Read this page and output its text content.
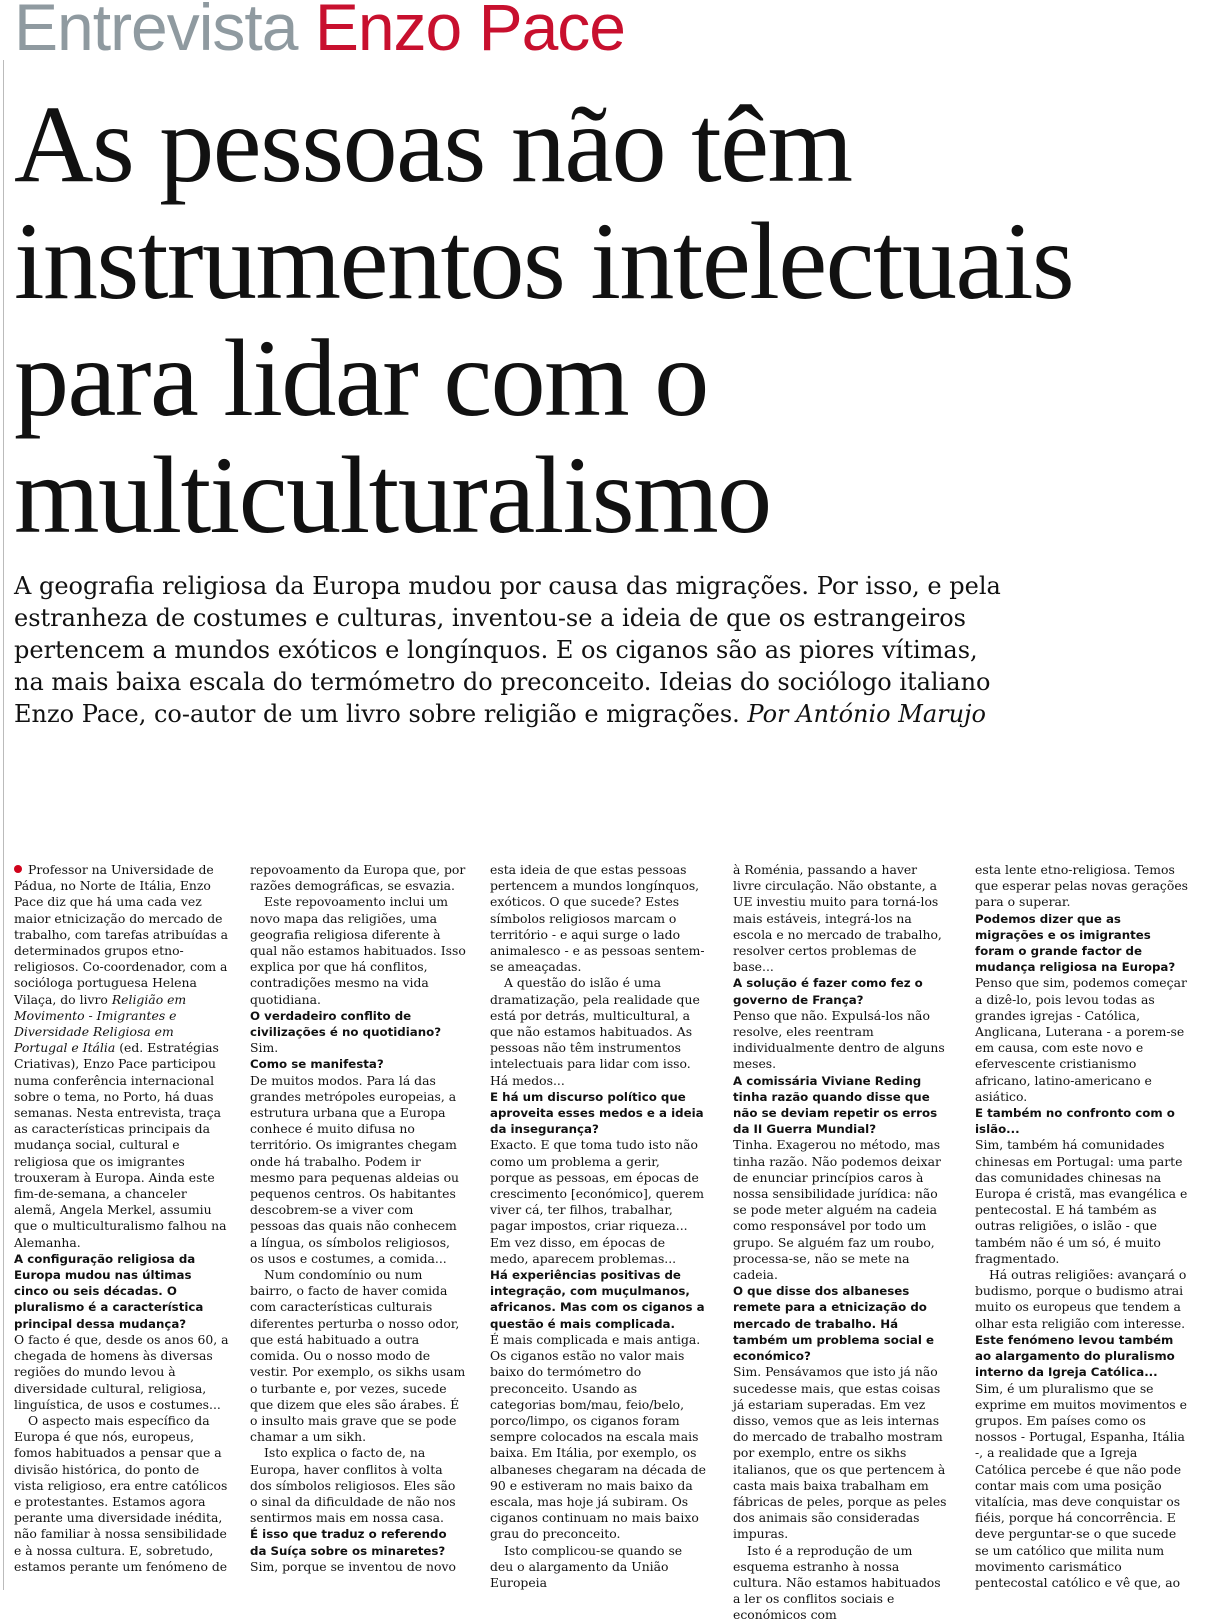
Entrevista Enzo Pace
As pessoas não têm
instrumentos intelectuais
para lidar com o
multiculturalismo
A geografia religiosa da Europa mudou por causa das migrações. Por isso, e pela
estranheza de costumes e culturas, inventou-se a ideia de que os estrangeiros
pertencem a mundos exóticos e longínquos. E os ciganos são as piores vítimas,
na mais baixa escala do termómetro do preconceito. Ideias do sociólogo italiano
Enzo Pace, co-autor de um livro sobre religião e migrações. Por António Marujo

Professor na Universidade de Pádua, no Norte de Itália, Enzo Pace diz que há uma cada vez maior etnicização do mercado de trabalho, com tarefas atribuídas a determinados grupos etno-religiosos. Co-coordenador, com a socióloga portuguesa Helena Vilaça, do livro Religião em Movimento - Imigrantes e Diversidade Religiosa em Portugal e Itália (ed. Estratégias Criativas), Enzo Pace participou numa conferência internacional sobre o tema, no Porto, há duas semanas. Nesta entrevista, traça as características principais da mudança social, cultural e religiosa que os imigrantes trouxeram à Europa. Ainda este fim-de-semana, a chanceler alemã, Angela Merkel, assumiu que o multiculturalismo falhou na Alemanha.

A configuração religiosa da Europa mudou nas últimas cinco ou seis décadas. O pluralismo é a característica principal dessa mudança?

O facto é que, desde os anos 60, a chegada de homens às diversas regiões do mundo levou à diversidade cultural, religiosa, linguística, de usos e costumes...

O aspecto mais específico da Europa é que nós, europeus, fomos habituados a pensar que a divisão histórica, do ponto de vista religioso, era entre católicos e protestantes. Estamos agora perante uma diversidade inédita, não familiar à nossa sensibilidade e à nossa cultura. E, sobretudo, estamos perante um fenómeno de

repovoamento da Europa que, por razões demográficas, se esvazia.

Este repovoamento inclui um novo mapa das religiões, uma geografia religiosa diferente à qual não estamos habituados. Isso explica por que há conflitos, contradições mesmo na vida quotidiana.

O verdadeiro conflito de civilizações é no quotidiano?

Sim.

Como se manifesta?

De muitos modos. Para lá das grandes metrópoles europeias, a estrutura urbana que a Europa conhece é muito difusa no território. Os imigrantes chegam onde há trabalho. Podem ir mesmo para pequenas aldeias ou pequenos centros. Os habitantes descobrem-se a viver com pessoas das quais não conhecem a língua, os símbolos religiosos, os usos e costumes, a comida...

Num condomínio ou num bairro, o facto de haver comida com características culturais diferentes perturba o nosso odor, que está habituado a outra comida. Ou o nosso modo de vestir. Por exemplo, os sikhs usam o turbante e, por vezes, sucede que dizem que eles são árabes. É o insulto mais grave que se pode chamar a um sikh.

Isto explica o facto de, na Europa, haver conflitos à volta dos símbolos religiosos. Eles são o sinal da dificuldade de não nos sentirmos mais em nossa casa.

É isso que traduz o referendo da Suíça sobre os minaretes?

Sim, porque se inventou de novo

esta ideia de que estas pessoas pertencem a mundos longínquos, exóticos. O que sucede? Estes símbolos religiosos marcam o território - e aqui surge o lado animalesco - e as pessoas sentem-se ameaçadas.

A questão do islão é uma dramatização, pela realidade que está por detrás, multicultural, a que não estamos habituados. As pessoas não têm instrumentos intelectuais para lidar com isso. Há medos...

E há um discurso político que aproveita esses medos e a ideia da insegurança?

Exacto. E que toma tudo isto não como um problema a gerir, porque as pessoas, em épocas de crescimento [económico], querem viver cá, ter filhos, trabalhar, pagar impostos, criar riqueza... Em vez disso, em épocas de medo, aparecem problemas...

Há experiências positivas de integração, com muçulmanos, africanos. Mas com os ciganos a questão é mais complicada.

É mais complicada e mais antiga. Os ciganos estão no valor mais baixo do termómetro do preconceito. Usando as categorias bom/mau, feio/belo, porco/limpo, os ciganos foram sempre colocados na escala mais baixa. Em Itália, por exemplo, os albaneses chegaram na década de 90 e estiveram no mais baixo da escala, mas hoje já subiram. Os ciganos continuam no mais baixo grau do preconceito.

Isto complicou-se quando se deu o alargamento da União Europeia

à Roménia, passando a haver livre circulação. Não obstante, a UE investiu muito para torná-los mais estáveis, integrá-los na escola e no mercado de trabalho, resolver certos problemas de base...

A solução é fazer como fez o governo de França?

Penso que não. Expulsá-los não resolve, eles reentram individualmente dentro de alguns meses.

A comissária Viviane Reding tinha razão quando disse que não se deviam repetir os erros da II Guerra Mundial?

Tinha. Exagerou no método, mas tinha razão. Não podemos deixar de enunciar princípios caros à nossa sensibilidade jurídica: não se pode meter alguém na cadeia como responsável por todo um grupo. Se alguém faz um roubo, processa-se, não se mete na cadeia.

O que disse dos albaneses remete para a etnicização do mercado de trabalho. Há também um problema social e económico?

Sim. Pensávamos que isto já não sucedesse mais, que estas coisas já estariam superadas. Em vez disso, vemos que as leis internas do mercado de trabalho mostram por exemplo, entre os sikhs italianos, que os que pertencem à casta mais baixa trabalham em fábricas de peles, porque as peles dos animais são consideradas impuras.

Isto é a reprodução de um esquema estranho à nossa cultura. Não estamos habituados a ler os conflitos sociais e económicos com

esta lente etno-religiosa. Temos que esperar pelas novas gerações para o superar.

Podemos dizer que as migrações e os imigrantes foram o grande factor de mudança religiosa na Europa?

Penso que sim, podemos começar a dizê-lo, pois levou todas as grandes igrejas - Católica, Anglicana, Luterana - a porem-se em causa, com este novo e efervescente cristianismo africano, latino-americano e asiático.

E também no confronto com o islão...

Sim, também há comunidades chinesas em Portugal: uma parte das comunidades chinesas na Europa é cristã, mas evangélica e pentecostal. E há também as outras religiões, o islão - que também não é um só, é muito fragmentado.

Há outras religiões: avançará o budismo, porque o budismo atrai muito os europeus que tendem a olhar esta religião com interesse.

Este fenómeno levou também ao alargamento do pluralismo interno da Igreja Católica...

Sim, é um pluralismo que se exprime em muitos movimentos e grupos. Em países como os nossos - Portugal, Espanha, Itália -, a realidade que a Igreja Católica percebe é que não pode contar mais com uma posição vitalícia, mas deve conquistar os fiéis, porque há concorrência. E deve perguntar-se o que sucede se um católico que milita num movimento carismático pentecostal católico e vê que, ao
